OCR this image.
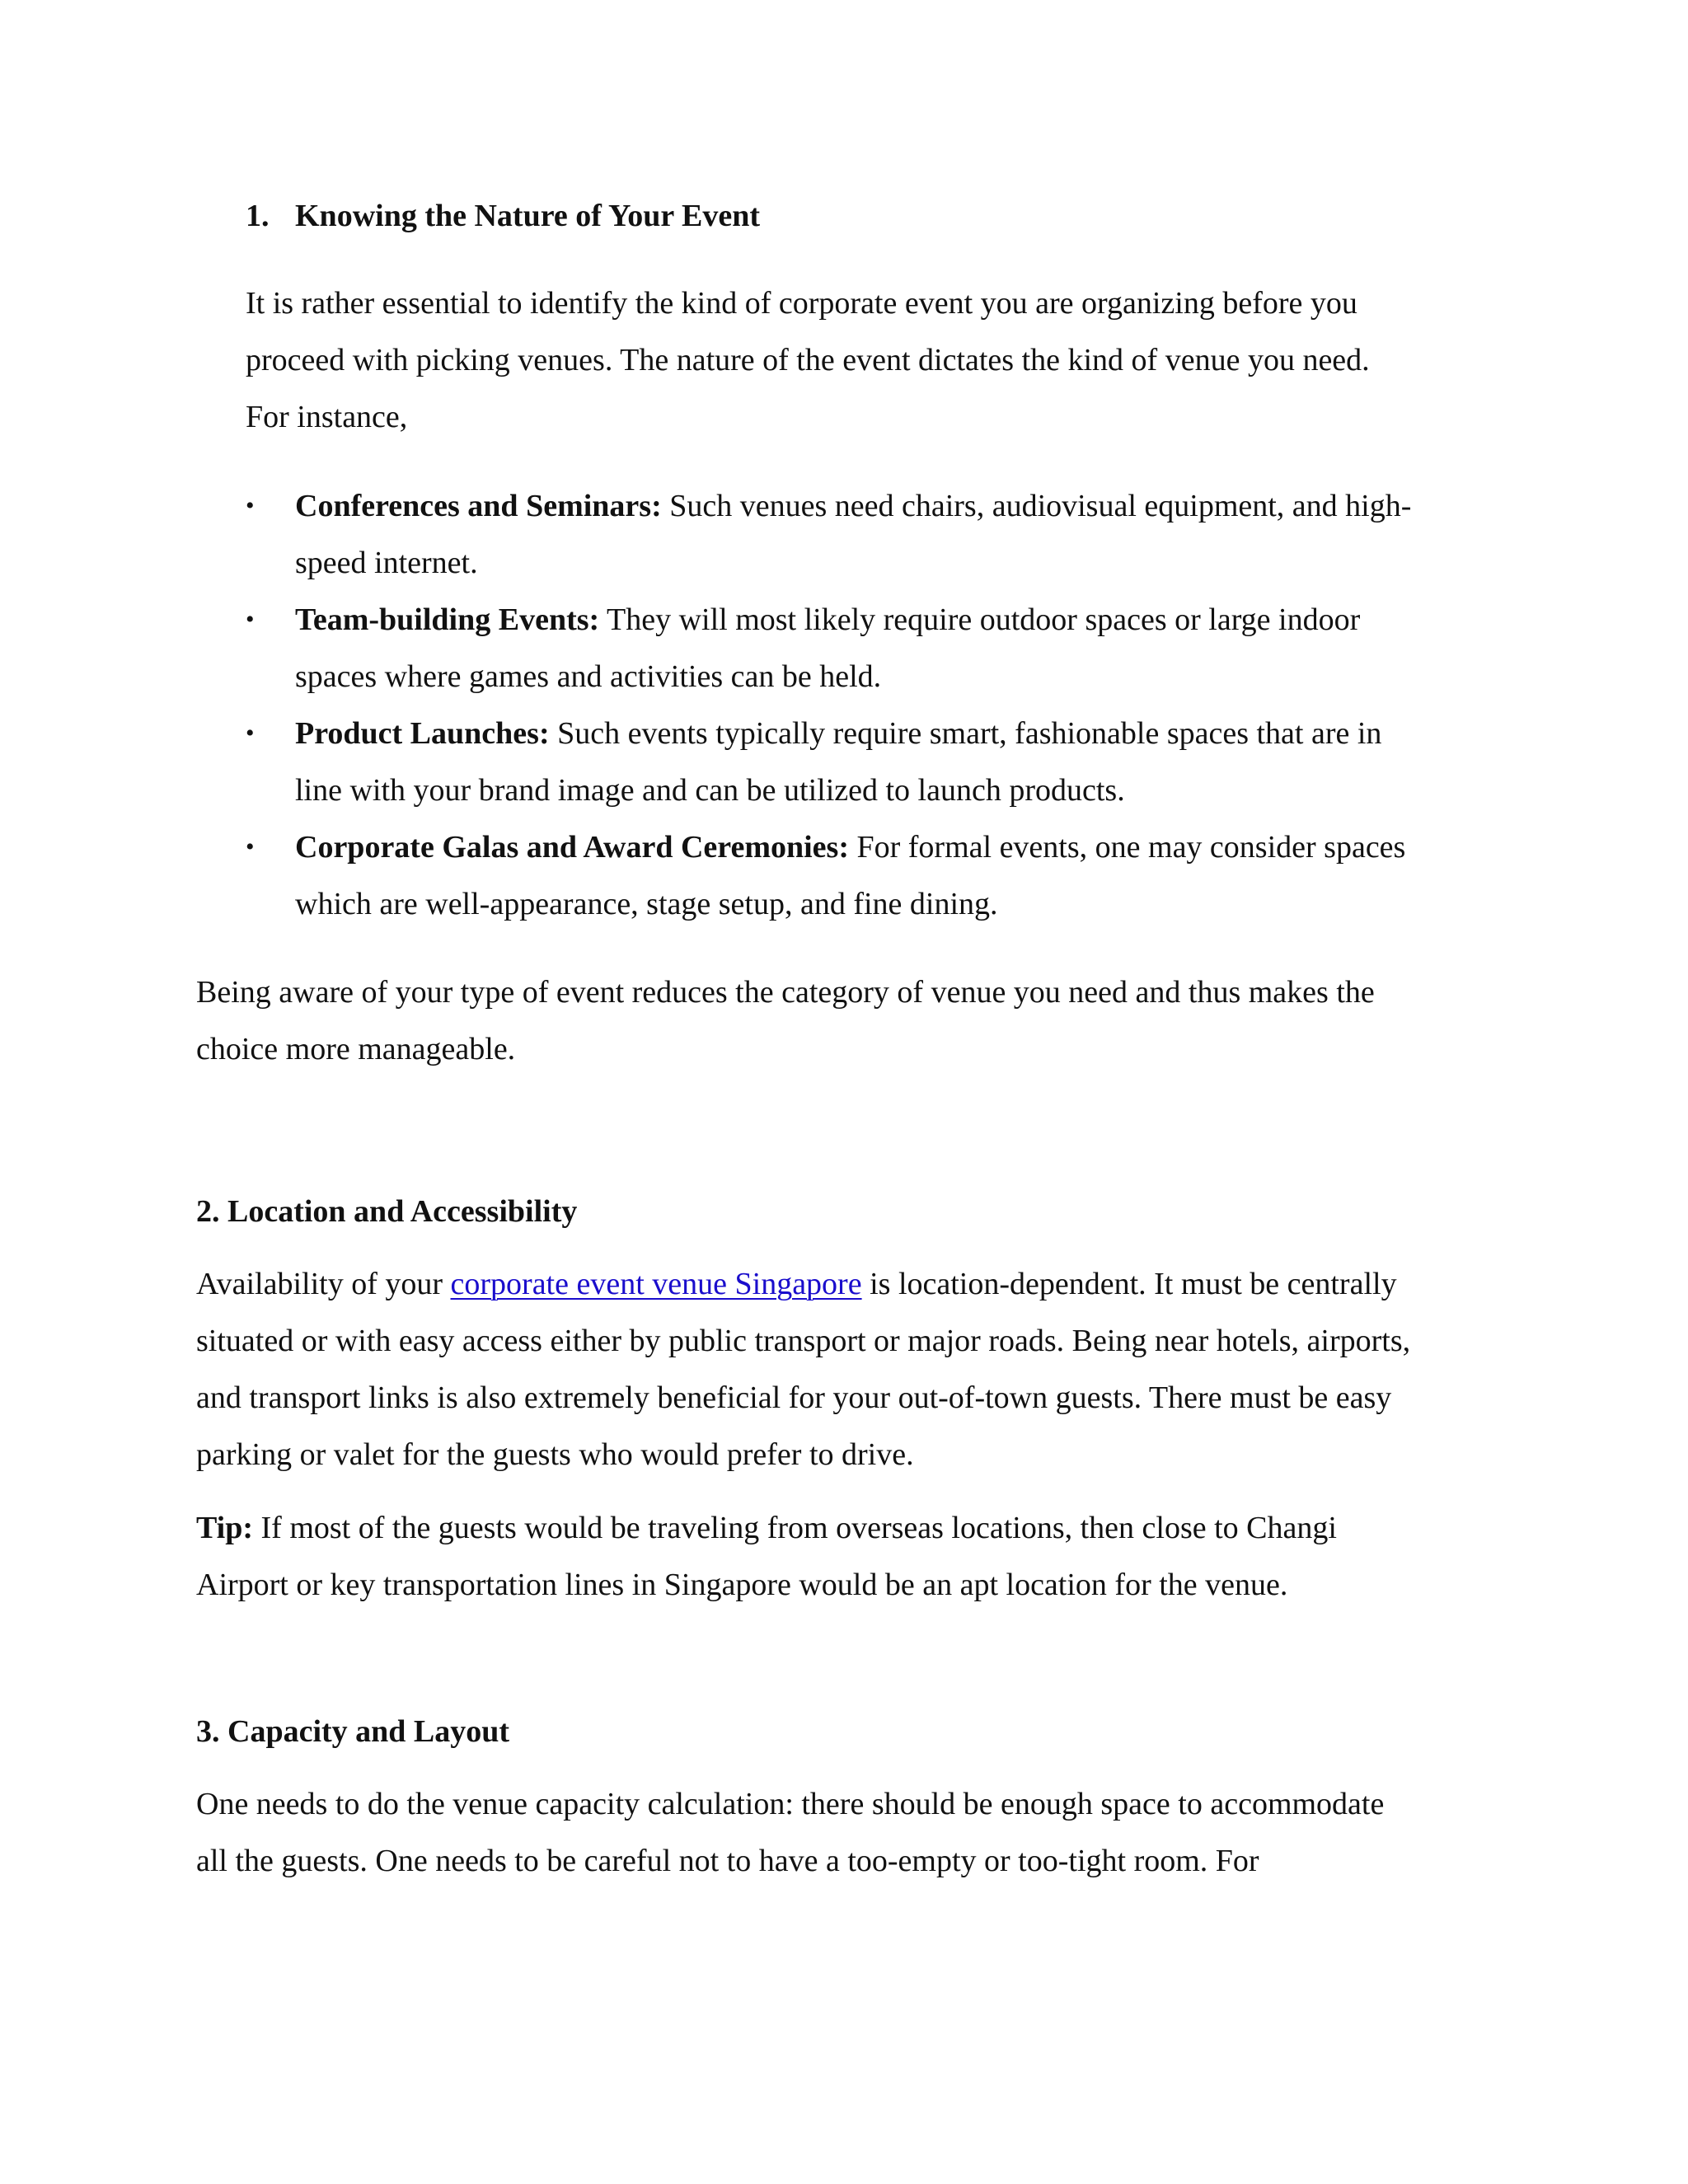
1. Knowing the Nature of Your Event
It is rather essential to identify the kind of corporate event you are organizing before you
proceed with picking venues. The nature of the event dictates the kind of venue you need.
For instance,
• Conferences and Seminars: Such venues need chairs, audiovisual equipment, and high-
speed internet.
• Team-building Events: They will most likely require outdoor spaces or large indoor
spaces where games and activities can be held.
• Product Launches: Such events typically require smart, fashionable spaces that are in
line with your brand image and can be utilized to launch products.
• Corporate Galas and Award Ceremonies: For formal events, one may consider spaces
which are well-appearance, stage setup, and fine dining.
Being aware of your type of event reduces the category of venue you need and thus makes the
choice more manageable.
2. Location and Accessibility
Availability of your corporate event venue Singapore is location-dependent. It must be centrally
situated or with easy access either by public transport or major roads. Being near hotels, airports,
and transport links is also extremely beneficial for your out-of-town guests. There must be easy
parking or valet for the guests who would prefer to drive.
Tip: If most of the guests would be traveling from overseas locations, then close to Changi
Airport or key transportation lines in Singapore would be an apt location for the venue.
3. Capacity and Layout
One needs to do the venue capacity calculation: there should be enough space to accommodate
all the guests. One needs to be careful not to have a too-empty or too-tight room. For
